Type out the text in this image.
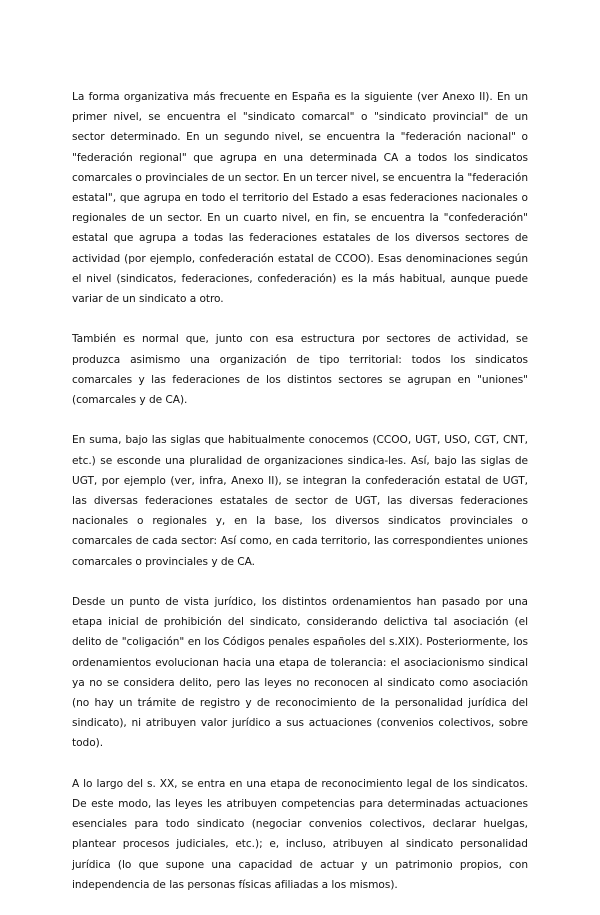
La forma organizativa más frecuente en España es la siguiente (ver Anexo II). En un primer nivel, se encuentra el "sindicato comarcal" o "sindicato provincial" de un sector determinado. En un segundo nivel, se encuentra la "federación nacional" o "federación regional" que agrupa en una determinada CA a todos los sindicatos comarcales o provinciales de un sector. En un tercer nivel, se encuentra la "federación estatal", que agrupa en todo el territorio del Estado a esas federaciones nacionales o regionales de un sector. En un cuarto nivel, en fin, se encuentra la "confederación" estatal que agrupa a todas las federaciones estatales de los diversos sectores de actividad (por ejemplo, confederación estatal de CCOO). Esas denominaciones según el nivel (sindicatos, federaciones, confederación) es la más habitual, aunque puede variar de un sindicato a otro.

También es normal que, junto con esa estructura por sectores de actividad, se produzca asimismo una organización de tipo territorial: todos los sindicatos comarcales y las federaciones de los distintos sectores se agrupan en "uniones" (comarcales y de CA).

En suma, bajo las siglas que habitualmente conocemos (CCOO, UGT, USO, CGT, CNT, etc.) se esconde una pluralidad de organizaciones sindica-les. Así, bajo las siglas de UGT, por ejemplo (ver, infra, Anexo II), se integran la confederación estatal de UGT, las diversas federaciones estatales de sector de UGT, las diversas federaciones nacionales o regionales y, en la base, los diversos sindicatos provinciales o comarcales de cada sector: Así como, en cada territorio, las correspondientes uniones comarcales o provinciales y de CA.

Desde un punto de vista jurídico, los distintos ordenamientos han pasado por una etapa inicial de prohibición del sindicato, considerando delictiva tal asociación (el delito de "coligación" en los Códigos penales españoles del s.XIX). Posteriormente, los ordenamientos evolucionan hacia una etapa de tolerancia: el asociacionismo sindical ya no se considera delito, pero las leyes no reconocen al sindicato como asociación (no hay un trámite de registro y de reconocimiento de la personalidad jurídica del sindicato), ni atribuyen valor jurídico a sus actuaciones (convenios colectivos, sobre todo).

A lo largo del s. XX, se entra en una etapa de reconocimiento legal de los sindicatos. De este modo, las leyes les atribuyen competencias para determinadas actuaciones esenciales para todo sindicato (negociar convenios colectivos, declarar huelgas, plantear procesos judiciales, etc.); e, incluso, atribuyen al sindicato personalidad jurídica (lo que supone una capacidad de actuar y un patrimonio propios, con independencia de las personas físicas afiliadas a los mismos).
